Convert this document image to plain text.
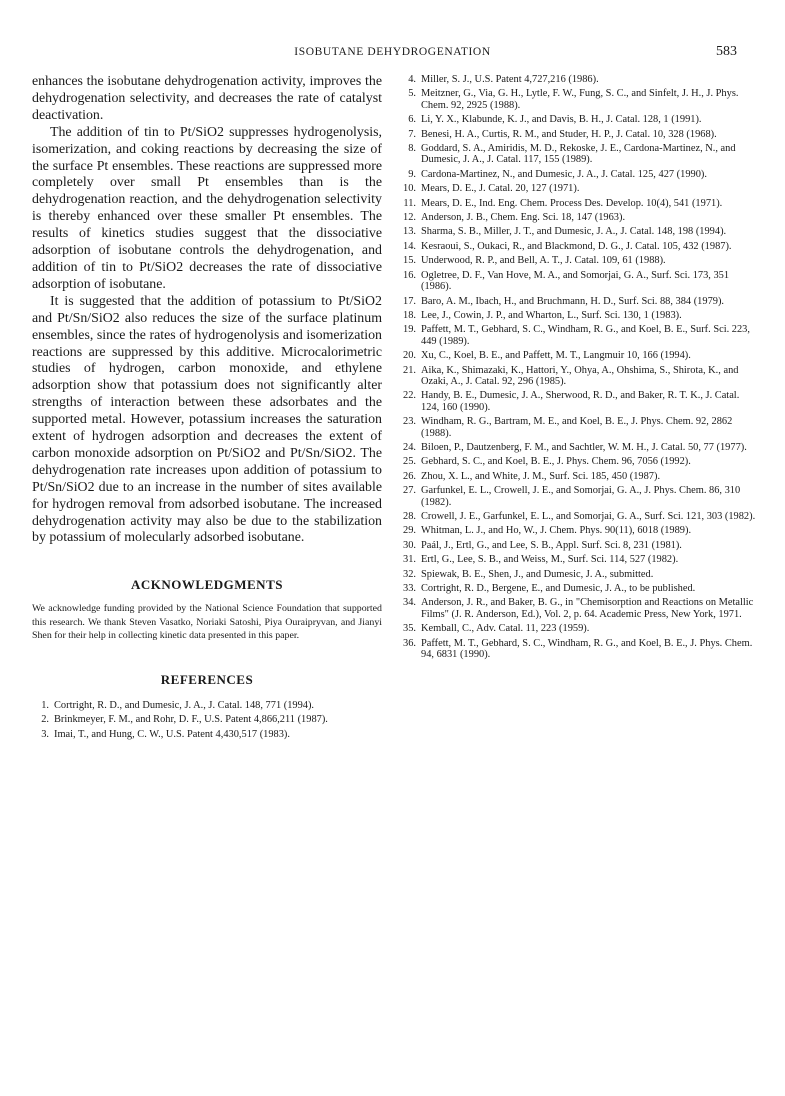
ISOBUTANE DEHYDROGENATION	583

enhances the isobutane dehydrogenation activity, improves the dehydrogenation selectivity, and decreases the rate of catalyst deactivation.

The addition of tin to Pt/SiO2 suppresses hydrogenolysis, isomerization, and coking reactions by decreasing the size of the surface Pt ensembles. These reactions are suppressed more completely over small Pt ensembles than is the dehydrogenation reaction, and the dehydrogenation selectivity is thereby enhanced over these smaller Pt ensembles. The results of kinetics studies suggest that the dissociative adsorption of isobutane controls the dehydrogenation, and addition of tin to Pt/SiO2 decreases the rate of dissociative adsorption of isobutane.

It is suggested that the addition of potassium to Pt/SiO2 and Pt/Sn/SiO2 also reduces the size of the surface platinum ensembles, since the rates of hydrogenolysis and isomerization reactions are suppressed by this additive. Microcalorimetric studies of hydrogen, carbon monoxide, and ethylene adsorption show that potassium does not significantly alter strengths of interaction between these adsorbates and the supported metal. However, potassium increases the saturation extent of hydrogen adsorption and decreases the extent of carbon monoxide adsorption on Pt/SiO2 and Pt/Sn/SiO2. The dehydrogenation rate increases upon addition of potassium to Pt/Sn/SiO2 due to an increase in the number of sites available for hydrogen removal from adsorbed isobutane. The increased dehydrogenation activity may also be due to the stabilization by potassium of molecularly adsorbed isobutane.

ACKNOWLEDGMENTS

We acknowledge funding provided by the National Science Foundation that supported this research. We thank Steven Vasatko, Noriaki Satoshi, Piya Ouraipryvan, and Jianyi Shen for their help in collecting kinetic data presented in this paper.

REFERENCES
1. Cortright, R. D., and Dumesic, J. A., J. Catal. 148, 771 (1994).
2. Brinkmeyer, F. M., and Rohr, D. F., U.S. Patent 4,866,211 (1987).
3. Imai, T., and Hung, C. W., U.S. Patent 4,430,517 (1983).
4. Miller, S. J., U.S. Patent 4,727,216 (1986).
5. Meitzner, G., Via, G. H., Lytle, F. W., Fung, S. C., and Sinfelt, J. H., J. Phys. Chem. 92, 2925 (1988).
6. Li, Y. X., Klabunde, K. J., and Davis, B. H., J. Catal. 128, 1 (1991).
7. Benesi, H. A., Curtis, R. M., and Studer, H. P., J. Catal. 10, 328 (1968).
8. Goddard, S. A., Amiridis, M. D., Rekoske, J. E., Cardona-Martinez, N., and Dumesic, J. A., J. Catal. 117, 155 (1989).
9. Cardona-Martinez, N., and Dumesic, J. A., J. Catal. 125, 427 (1990).
10. Mears, D. E., J. Catal. 20, 127 (1971).
11. Mears, D. E., Ind. Eng. Chem. Process Des. Develop. 10(4), 541 (1971).
12. Anderson, J. B., Chem. Eng. Sci. 18, 147 (1963).
13. Sharma, S. B., Miller, J. T., and Dumesic, J. A., J. Catal. 148, 198 (1994).
14. Kesraoui, S., Oukaci, R., and Blackmond, D. G., J. Catal. 105, 432 (1987).
15. Underwood, R. P., and Bell, A. T., J. Catal. 109, 61 (1988).
16. Ogletree, D. F., Van Hove, M. A., and Somorjai, G. A., Surf. Sci. 173, 351 (1986).
17. Baro, A. M., Ibach, H., and Bruchmann, H. D., Surf. Sci. 88, 384 (1979).
18. Lee, J., Cowin, J. P., and Wharton, L., Surf. Sci. 130, 1 (1983).
19. Paffett, M. T., Gebhard, S. C., Windham, R. G., and Koel, B. E., Surf. Sci. 223, 449 (1989).
20. Xu, C., Koel, B. E., and Paffett, M. T., Langmuir 10, 166 (1994).
21. Aika, K., Shimazaki, K., Hattori, Y., Ohya, A., Ohshima, S., Shirota, K., and Ozaki, A., J. Catal. 92, 296 (1985).
22. Handy, B. E., Dumesic, J. A., Sherwood, R. D., and Baker, R. T. K., J. Catal. 124, 160 (1990).
23. Windham, R. G., Bartram, M. E., and Koel, B. E., J. Phys. Chem. 92, 2862 (1988).
24. Biloen, P., Dautzenberg, F. M., and Sachtler, W. M. H., J. Catal. 50, 77 (1977).
25. Gebhard, S. C., and Koel, B. E., J. Phys. Chem. 96, 7056 (1992).
26. Zhou, X. L., and White, J. M., Surf. Sci. 185, 450 (1987).
27. Garfunkel, E. L., Crowell, J. E., and Somorjai, G. A., J. Phys. Chem. 86, 310 (1982).
28. Crowell, J. E., Garfunkel, E. L., and Somorjai, G. A., Surf. Sci. 121, 303 (1982).
29. Whitman, L. J., and Ho, W., J. Chem. Phys. 90(11), 6018 (1989).
30. Paál, J., Ertl, G., and Lee, S. B., Appl. Surf. Sci. 8, 231 (1981).
31. Ertl, G., Lee, S. B., and Weiss, M., Surf. Sci. 114, 527 (1982).
32. Spiewak, B. E., Shen, J., and Dumesic, J. A., submitted.
33. Cortright, R. D., Bergene, E., and Dumesic, J. A., to be published.
34. Anderson, J. R., and Baker, B. G., in "Chemisorption and Reactions on Metallic Films" (J. R. Anderson, Ed.), Vol. 2, p. 64. Academic Press, New York, 1971.
35. Kemball, C., Adv. Catal. 11, 223 (1959).
36. Paffett, M. T., Gebhard, S. C., Windham, R. G., and Koel, B. E., J. Phys. Chem. 94, 6831 (1990).
